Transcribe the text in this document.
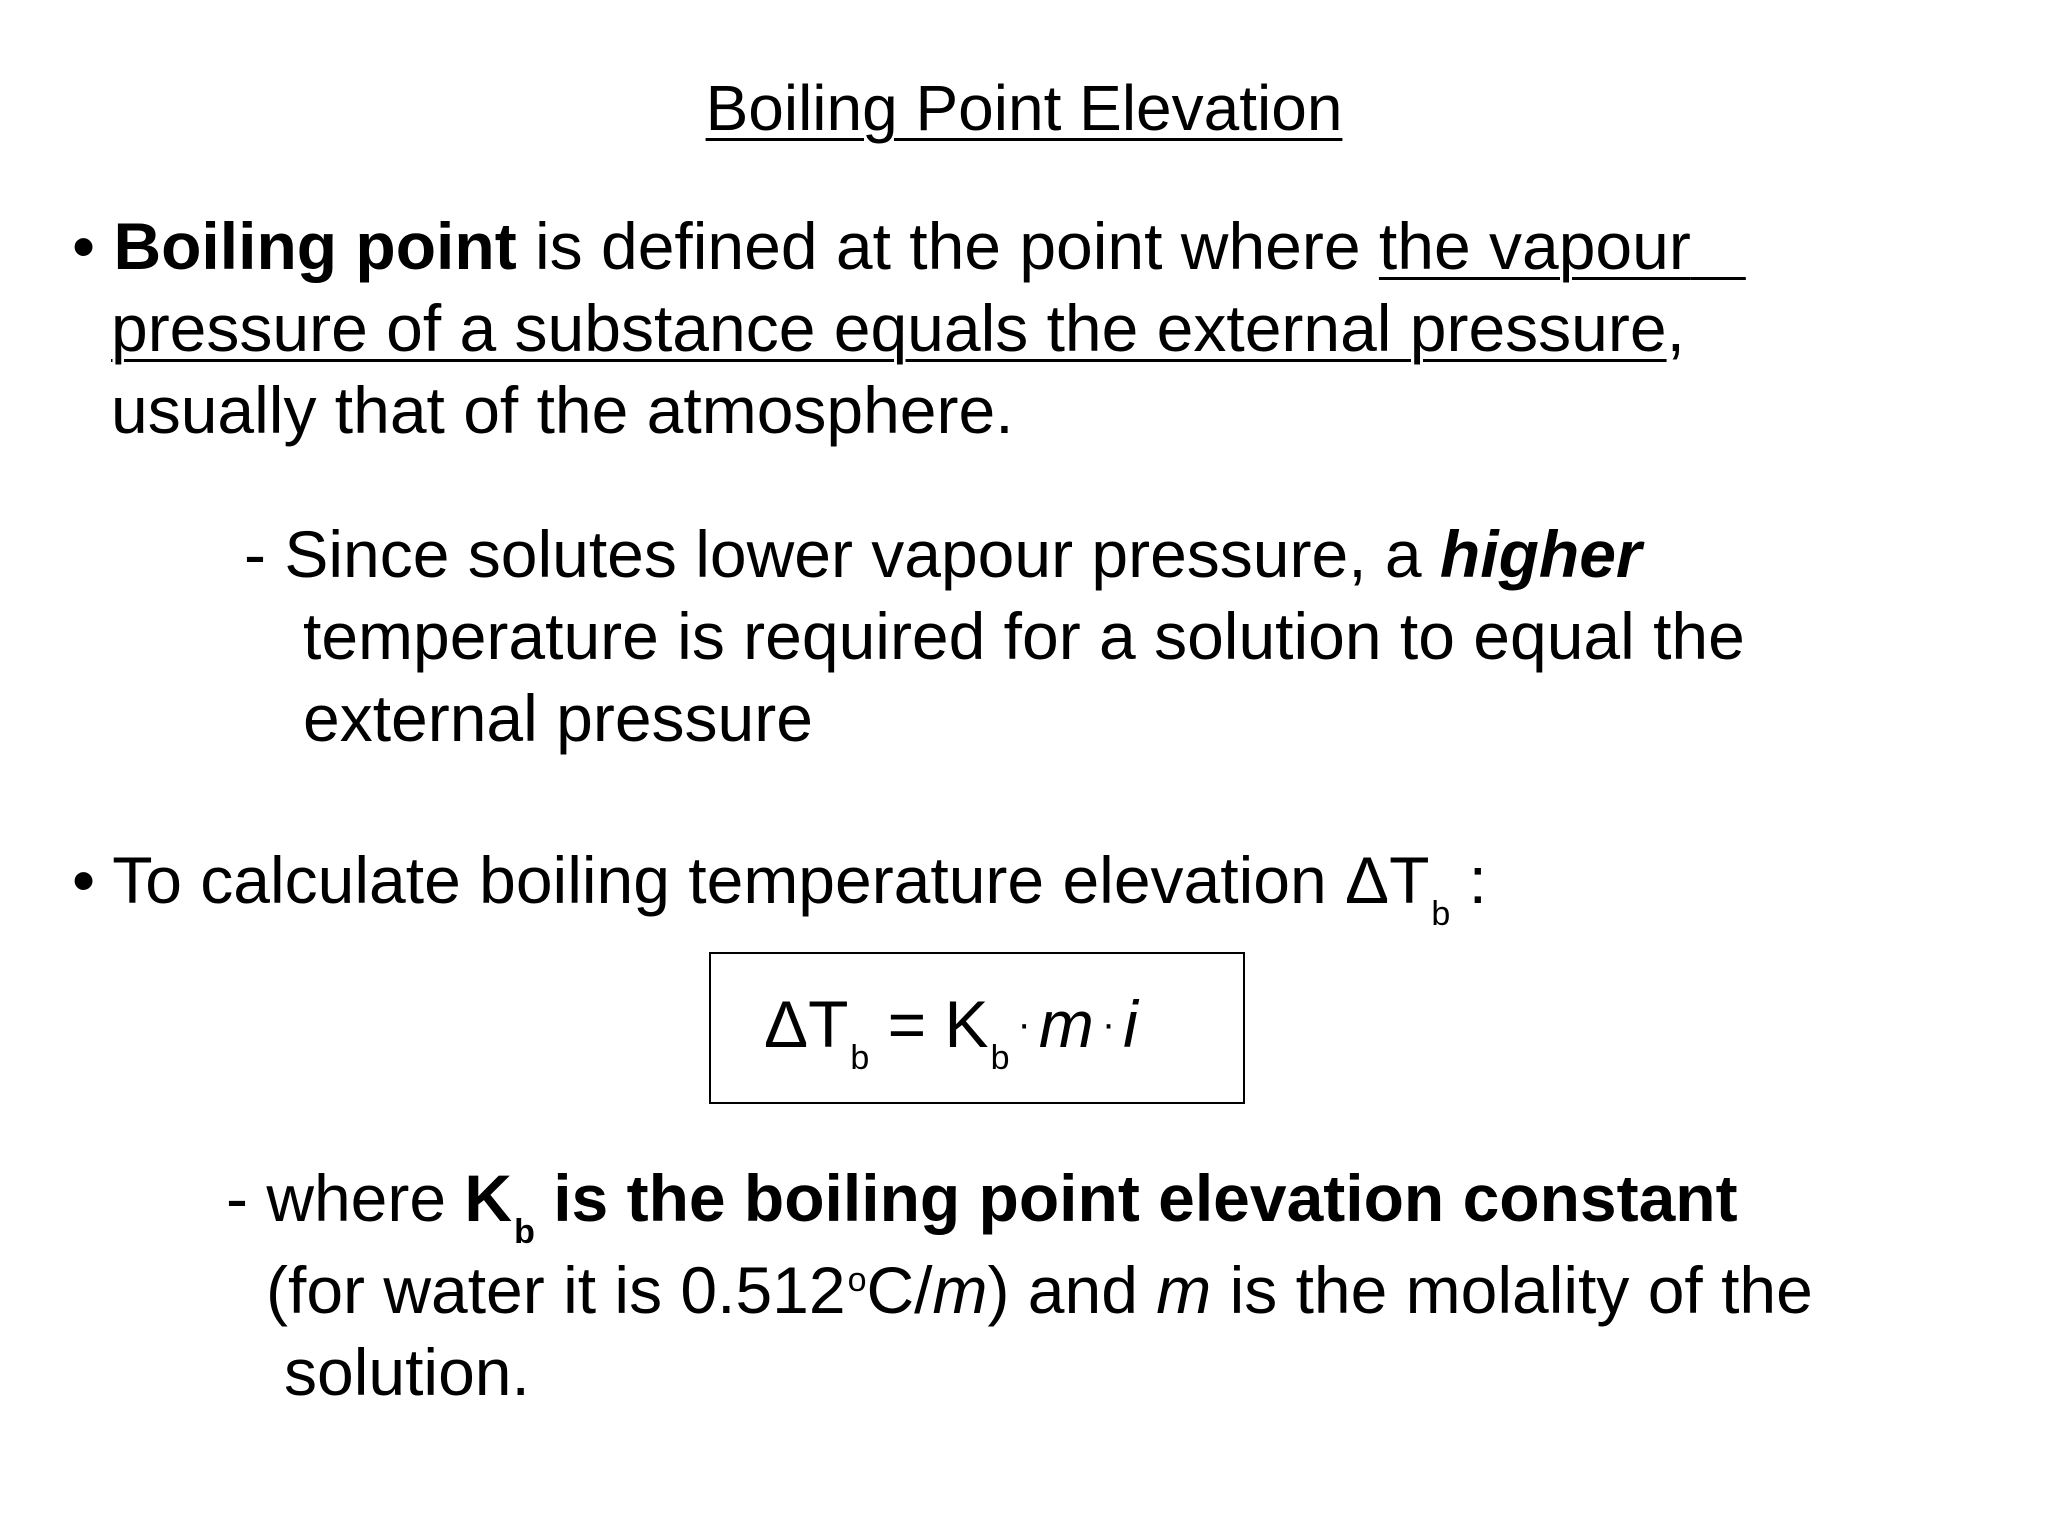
Boiling Point Elevation
• Boiling point is defined at the point where the vapour
pressure of a substance equals the external pressure,
usually that of the atmosphere.
- Since solutes lower vapour pressure, a higher
temperature is required for a solution to equal the
external pressure
• To calculate boiling temperature elevation $\Delta T_b$ :
$\Delta T_b = K_b\cdot m \cdot i$
- where $K_b$ is the boiling point elevation constant
(for water it is 0.512$^o$C/m) and m is the molality of the
solution.
